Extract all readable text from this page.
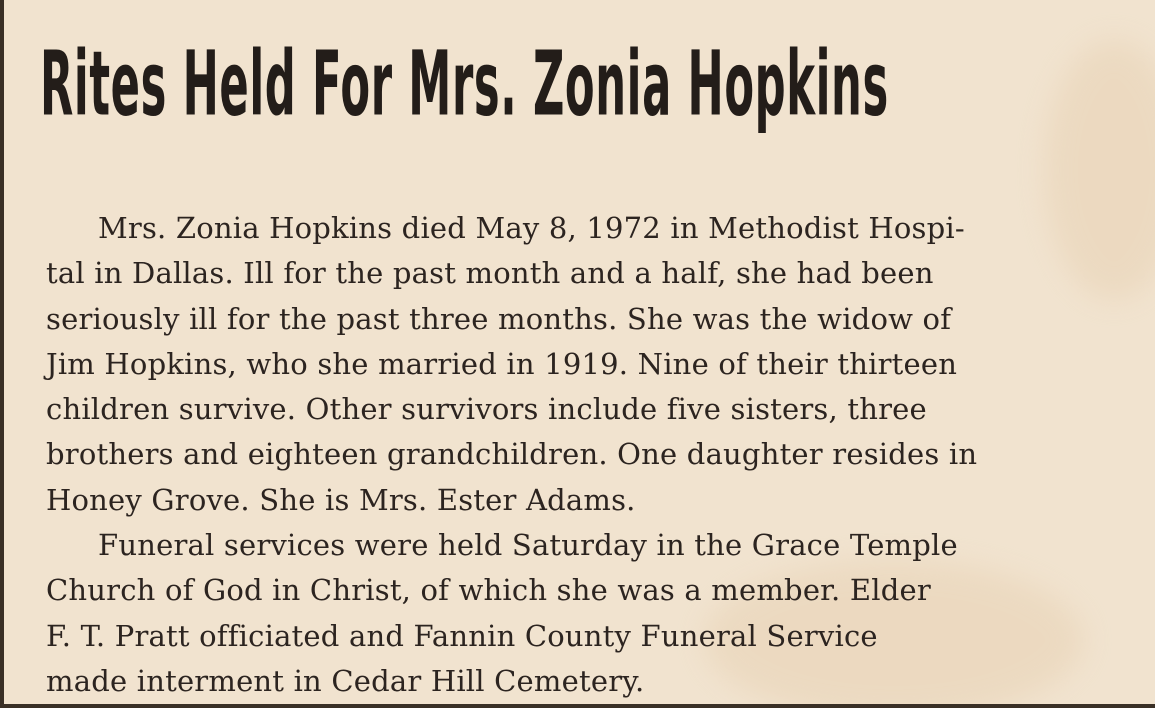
Rites Held For Mrs. Zonia Hopkins
Mrs. Zonia Hopkins died May 8, 1972 in Methodist Hospi-
tal in Dallas. Ill for the past month and a half, she had been
seriously ill for the past three months. She was the widow of
Jim Hopkins, who she married in 1919. Nine of their thirteen
children survive. Other survivors include five sisters, three
brothers and eighteen grandchildren. One daughter resides in
Honey Grove. She is Mrs. Ester Adams.
Funeral services were held Saturday in the Grace Temple
Church of God in Christ, of which she was a member. Elder
F. T. Pratt officiated and Fannin County Funeral Service
made interment in Cedar Hill Cemetery.
